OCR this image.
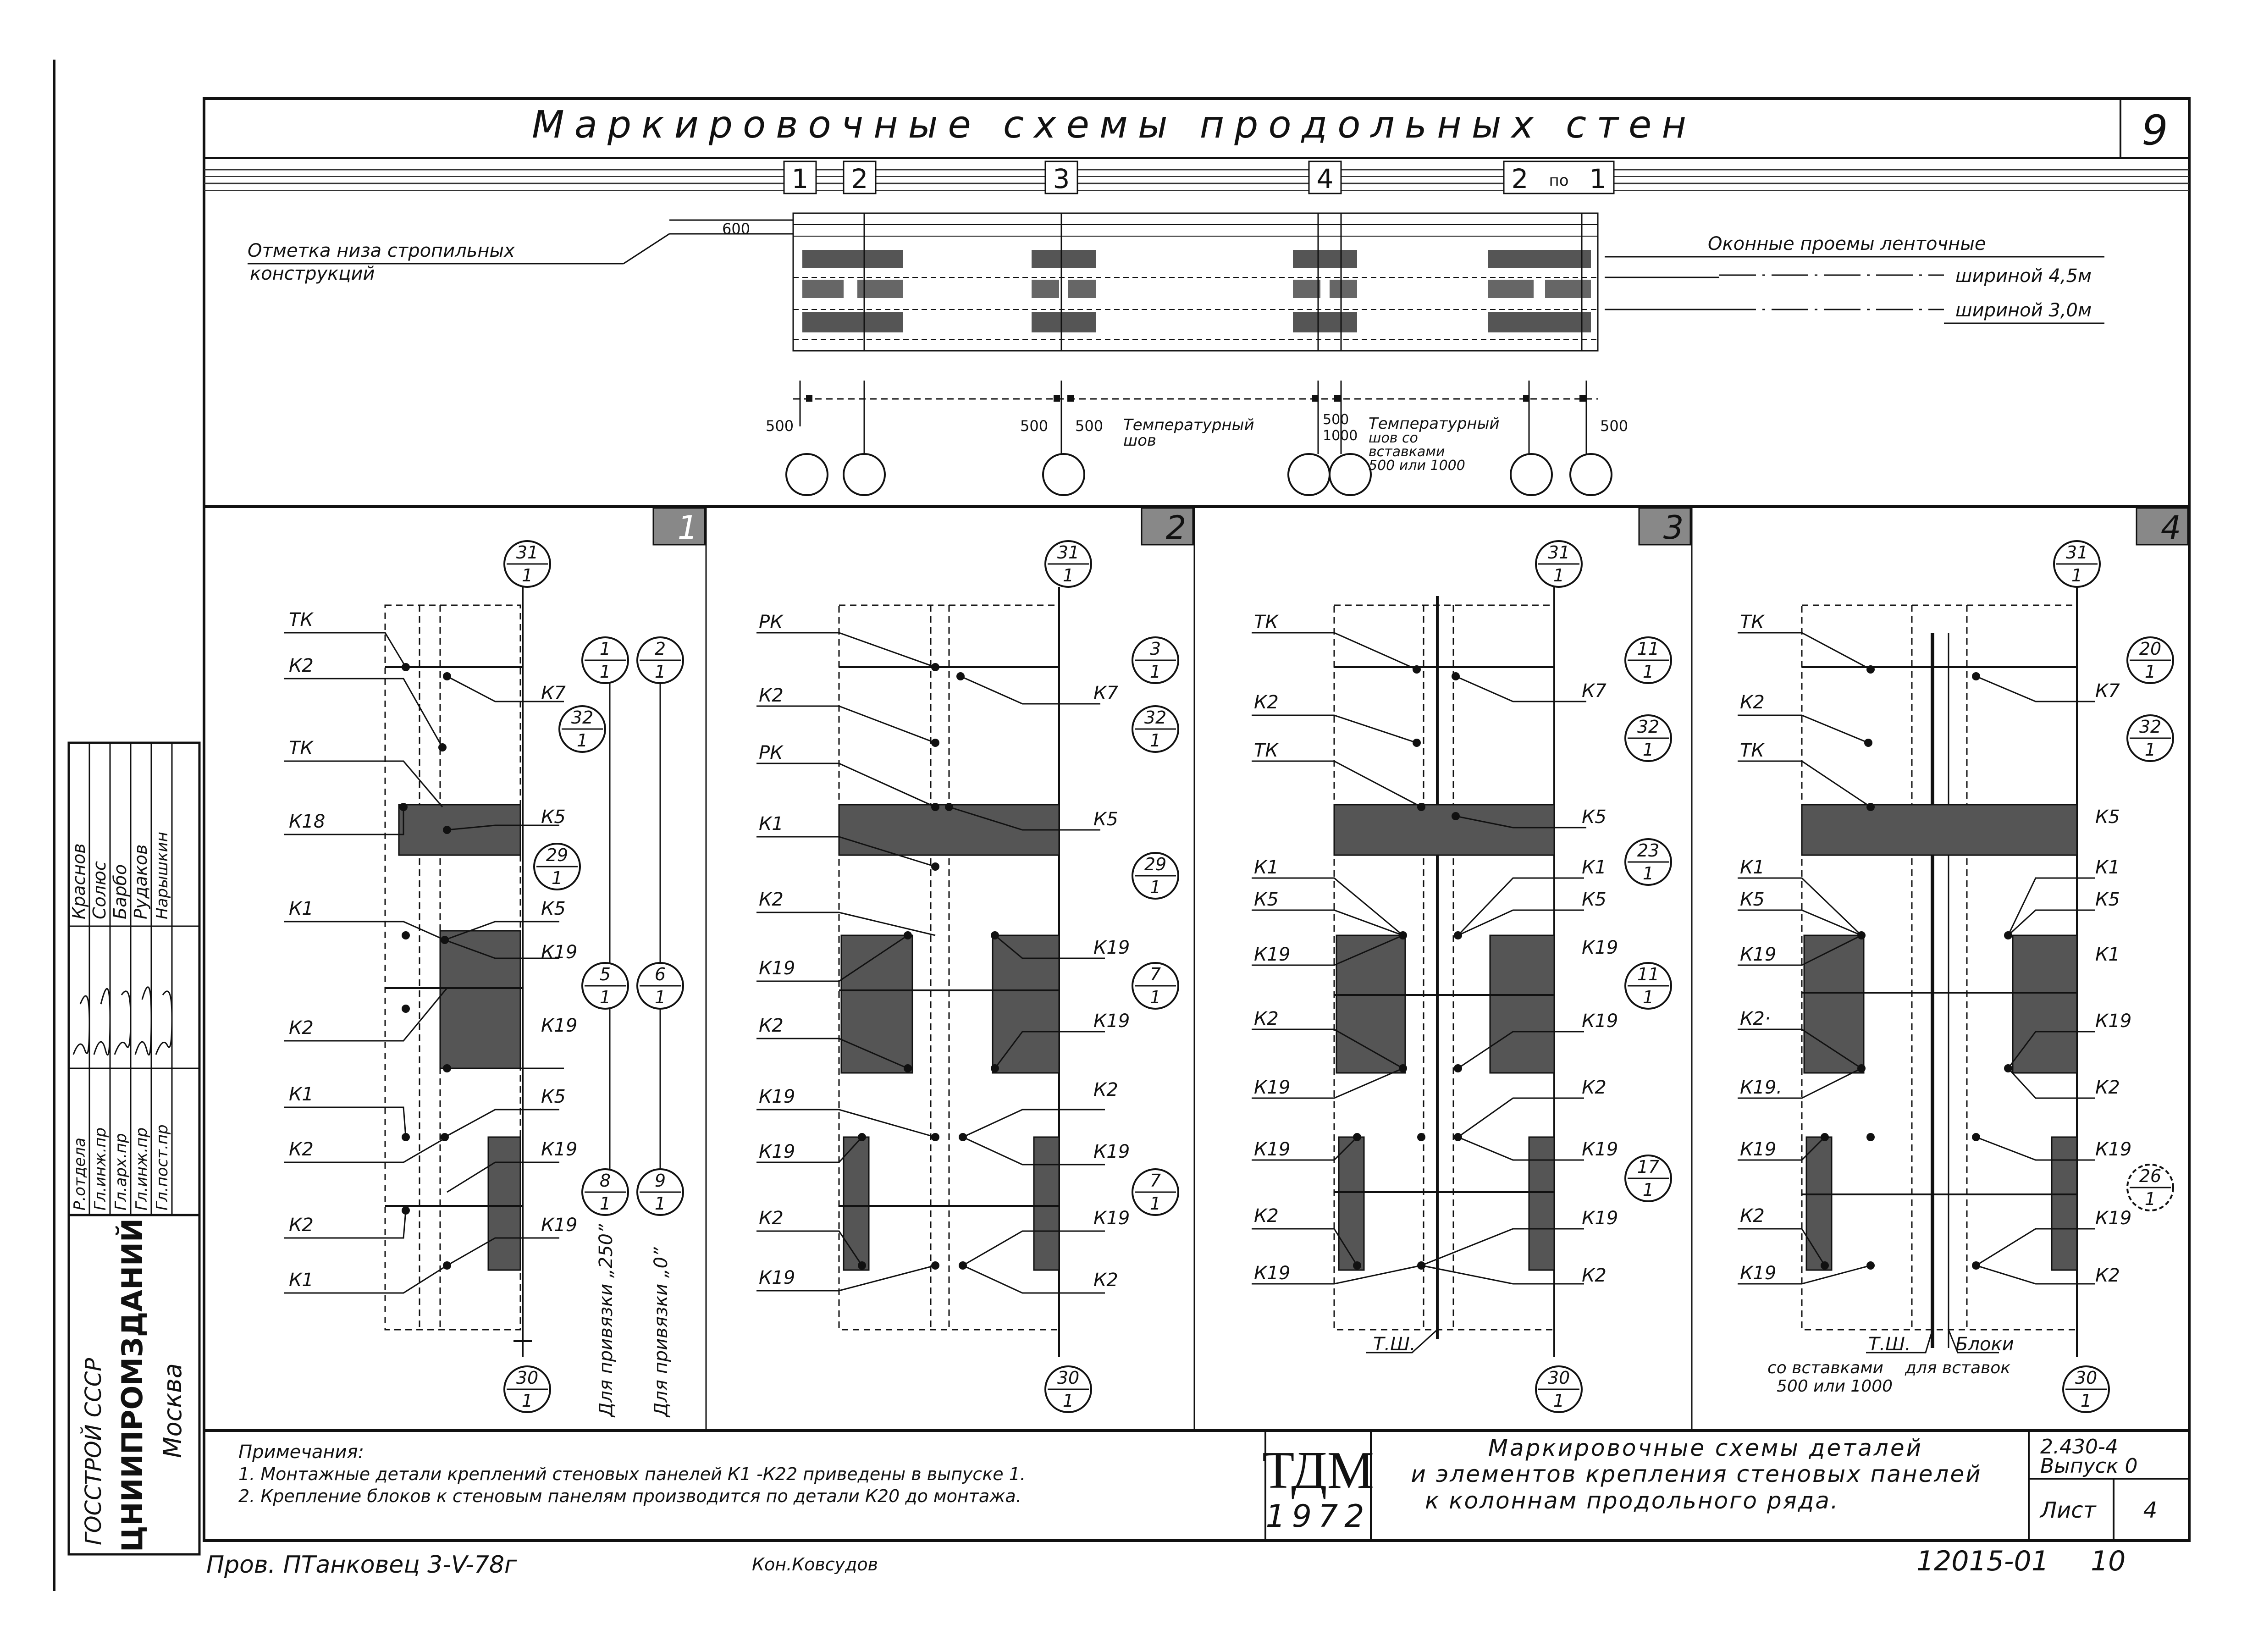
Маркировочные схемы продольных стен	9
1 2	3	4	2 по 1
Отметка низа стропильных
конструкций
600
Оконные проемы ленточные
шириной 4,5м
шириной 3,0м
500	500 500 Температурный
шов
500
1000
Температурный
шов со
вставками
500 или 1000
500
1	2	3	4
ТК
К2
ТК
К18
К1
К2
К1
К2
К2
К1
К7
К5
К5
К19
К19
К5
К19
К19
31
1
1
1
2
1
32
1
29
1
5
1
6
1
8
1
9
1
30
1	Для привязки „250” Для привязки „0”
РК
К2
РК
К1
К2
К19
К2
К19
К19
К2
К19
К7
К5
К19
К19
К2
К19
К19
К2
31
1
3
1
32
1
29
1
7
1
7
1
30
1
ТК
К2
ТК
К1
К5
К19
К2
К19
К19
К2
К19
К7
К5
К1
К5
К19
К19
К2
К19
К19
К2
Т.Ш.
31
1
11
1
32
1
23
1
11
1
17
1
30
1
ТК
К2
ТК
К1
К5
К19
К2·
К19.
К19
К2
К19
К7
К5
К1
К5
К1
К19
К2
К19
К19
К2
Т.Ш. Блоки
со вставками
500 или 1000
для вставок
31
1
20
1
32
1
26
1
30
1
Примечания:
1. Монтажные детали креплений стеновых панелей К1 -К22 приведены в выпуске 1.
2. Крепление блоков к стеновым панелям производится по детали К20 до монтажа.	ТДМ
1972
Маркировочные схемы деталей
и элементов крепления стеновых панелей
к колоннам продольного ряда.
2.430-4
Выпуск 0
Лист 4
ГОССТРОЙ СССР ЦНИИПРОМЗДАНИЙ Москва
Р.отдела Гл.инж.пр Гл.арх.пр Гл.инж.пр Гл.пост.пр
Краснов Солюс Барбо Рудаков Нарышкин
Пров. ПТанковец 3-V-78г	Кон.Ковсудов	12015-01 10
